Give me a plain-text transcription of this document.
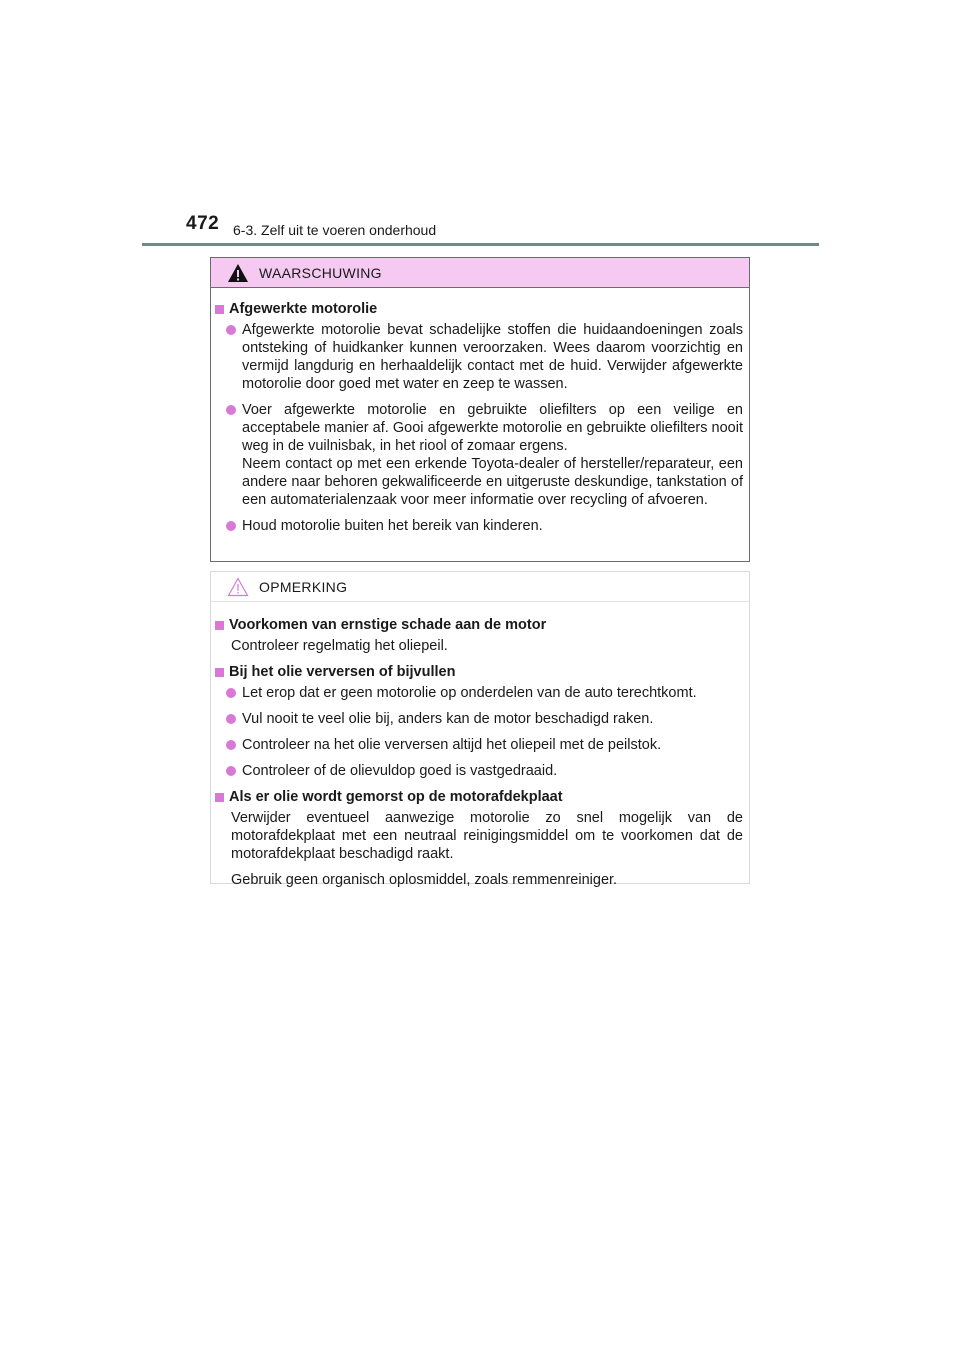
472 6-3. Zelf uit te voeren onderhoud
WAARSCHUWING
Afgewerkte motorolie

Afgewerkte motorolie bevat schadelijke stoffen die huidaandoeningen zoals ontsteking of huidkanker kunnen veroorzaken. Wees daarom voorzichtig en vermijd langdurig en herhaaldelijk contact met de huid. Verwijder afgewerkte motorolie door goed met water en zeep te wassen.

Voer afgewerkte motorolie en gebruikte oliefilters op een veilige en acceptabele manier af. Gooi afgewerkte motorolie en gebruikte oliefilters nooit weg in de vuilnisbak, in het riool of zomaar ergens.

Neem contact op met een erkende Toyota-dealer of hersteller/reparateur, een andere naar behoren gekwalificeerde en uitgeruste deskundige, tankstation of een automaterialenzaak voor meer informatie over recycling of afvoeren.

Houd motorolie buiten het bereik van kinderen.

OPMERKING
Voorkomen van ernstige schade aan de motor
Controleer regelmatig het oliepeil.
Bij het olie verversen of bijvullen
Let erop dat er geen motorolie op onderdelen van de auto terechtkomt.
Vul nooit te veel olie bij, anders kan de motor beschadigd raken.
Controleer na het olie verversen altijd het oliepeil met de peilstok.
Controleer of de olievuldop goed is vastgedraaid.
Als er olie wordt gemorst op de motorafdekplaat
Verwijder eventueel aanwezige motorolie zo snel mogelijk van de motorafdekplaat met een neutraal reinigingsmiddel om te voorkomen dat de motorafdekplaat beschadigd raakt.
Gebruik geen organisch oplosmiddel, zoals remmenreiniger.
